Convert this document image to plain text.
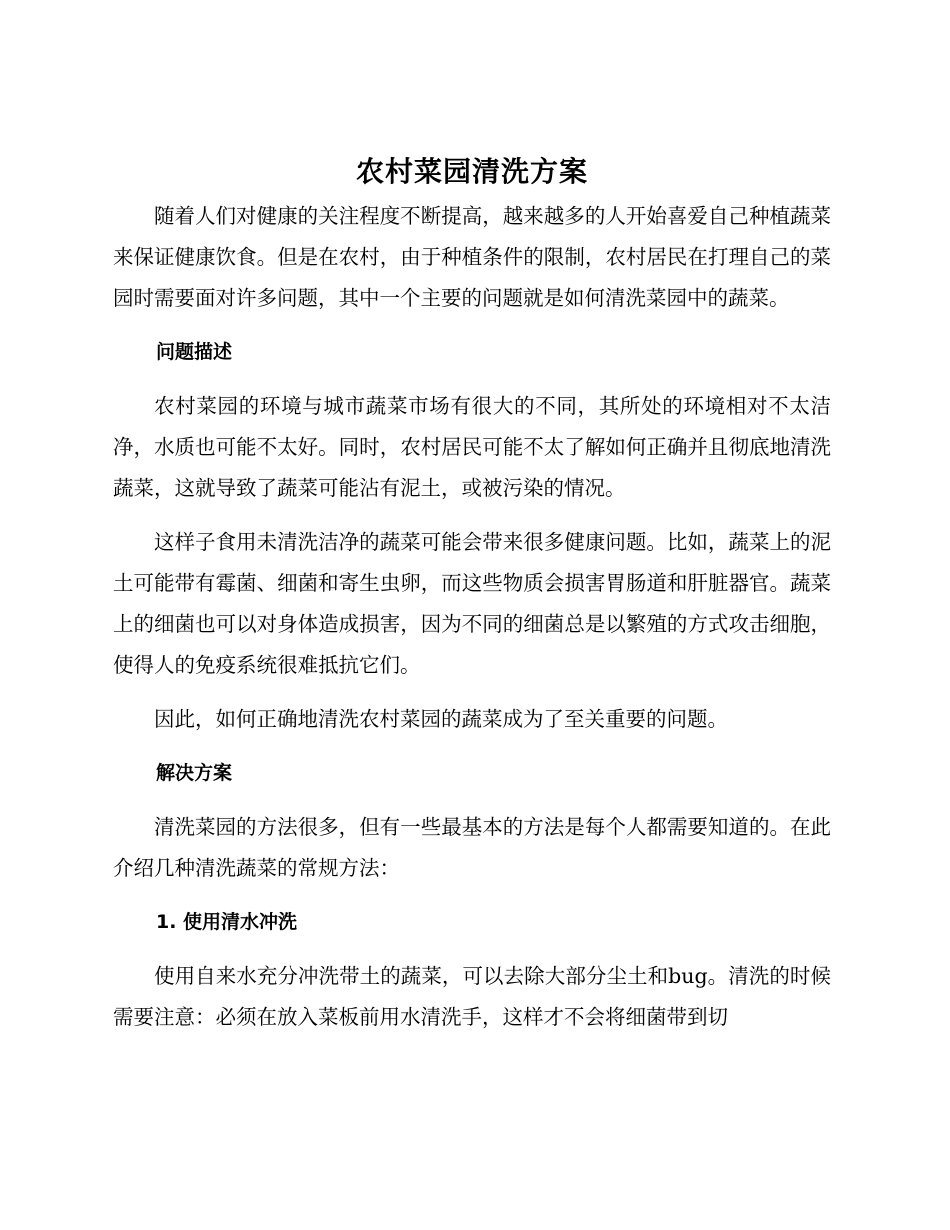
农村菜园清洗方案

随着人们对健康的关注程度不断提高，越来越多的人开始喜爱自己种植蔬菜来保证健康饮食。但是在农村，由于种植条件的限制，农村居民在打理自己的菜园时需要面对许多问题，其中一个主要的问题就是如何清洗菜园中的蔬菜。

问题描述

农村菜园的环境与城市蔬菜市场有很大的不同，其所处的环境相对不太洁净，水质也可能不太好。同时，农村居民可能不太了解如何正确并且彻底地清洗蔬菜，这就导致了蔬菜可能沾有泥土，或被污染的情况。

这样子食用未清洗洁净的蔬菜可能会带来很多健康问题。比如，蔬菜上的泥土可能带有霉菌、细菌和寄生虫卵，而这些物质会损害胃肠道和肝脏器官。蔬菜上的细菌也可以对身体造成损害，因为不同的细菌总是以繁殖的方式攻击细胞，使得人的免疫系统很难抵抗它们。

因此，如何正确地清洗农村菜园的蔬菜成为了至关重要的问题。

解决方案

清洗菜园的方法很多，但有一些最基本的方法是每个人都需要知道的。在此介绍几种清洗蔬菜的常规方法：

1. 使用清水冲洗

使用自来水充分冲洗带土的蔬菜，可以去除大部分尘土和bug。清洗的时候需要注意：必须在放入菜板前用水清洗手，这样才不会将细菌带到切
